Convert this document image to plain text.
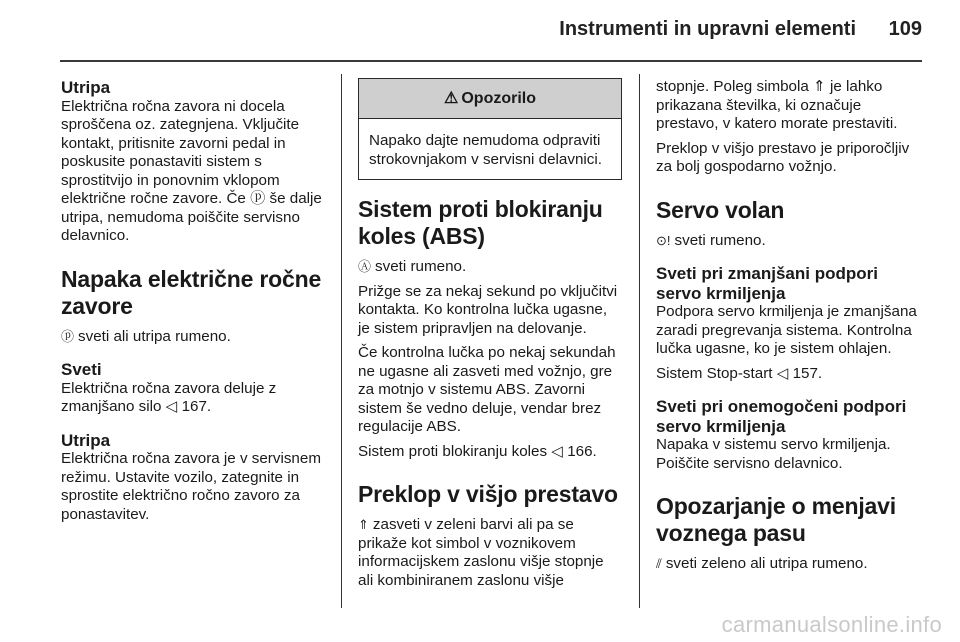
Instrumenti in upravni elementi 109
Utripa

Električna ročna zavora ni docela sproščena oz. zategnjena. Vključite kontakt, pritisnite zavorni pedal in poskusite ponastaviti sistem s sprostitvijo in ponovnim vklopom električne ročne zavore. Če ⓟ še dalje utripa, nemudoma poiščite servisno delavnico.

Napaka električne ročne zavore

ⓟ sveti ali utripa rumeno.

Sveti

Električna ročna zavora deluje z zmanjšano silo ◁ 167.

Utripa

Električna ročna zavora je v servisnem režimu. Ustavite vozilo, zategnite in sprostite električno ročno zavoro za ponastavitev.

⚠ Opozorilo
Napako dajte nemudoma odpraviti strokovnjakom v servisni delavnici.
Sistem proti blokiranju koles (ABS)

Ⓐ sveti rumeno.

Prižge se za nekaj sekund po vključitvi kontakta. Ko kontrolna lučka ugasne, je sistem pripravljen na delovanje.

Če kontrolna lučka po nekaj sekundah ne ugasne ali zasveti med vožnjo, gre za motnjo v sistemu ABS. Zavorni sistem še vedno deluje, vendar brez regulacije ABS.

Sistem proti blokiranju koles ◁ 166.

Preklop v višjo prestavo

⇑ zasveti v zeleni barvi ali pa se prikaže kot simbol v voznikovem informacijskem zaslonu višje stopnje ali kombiniranem zaslonu višje

stopnje. Poleg simbola ⇑ je lahko prikazana številka, ki označuje prestavo, v katero morate prestaviti.

Preklop v višjo prestavo je priporočljiv za bolj gospodarno vožnjo.

Servo volan

⊙! sveti rumeno.

Sveti pri zmanjšani podpori servo krmiljenja

Podpora servo krmiljenja je zmanjšana zaradi pregrevanja sistema. Kontrolna lučka ugasne, ko je sistem ohlajen.

Sistem Stop-start ◁ 157.

Sveti pri onemogočeni podpori servo krmiljenja

Napaka v sistemu servo krmiljenja. Poiščite servisno delavnico.

Opozarjanje o menjavi voznega pasu

⫽ sveti zeleno ali utripa rumeno.

carmanualsonline.info
